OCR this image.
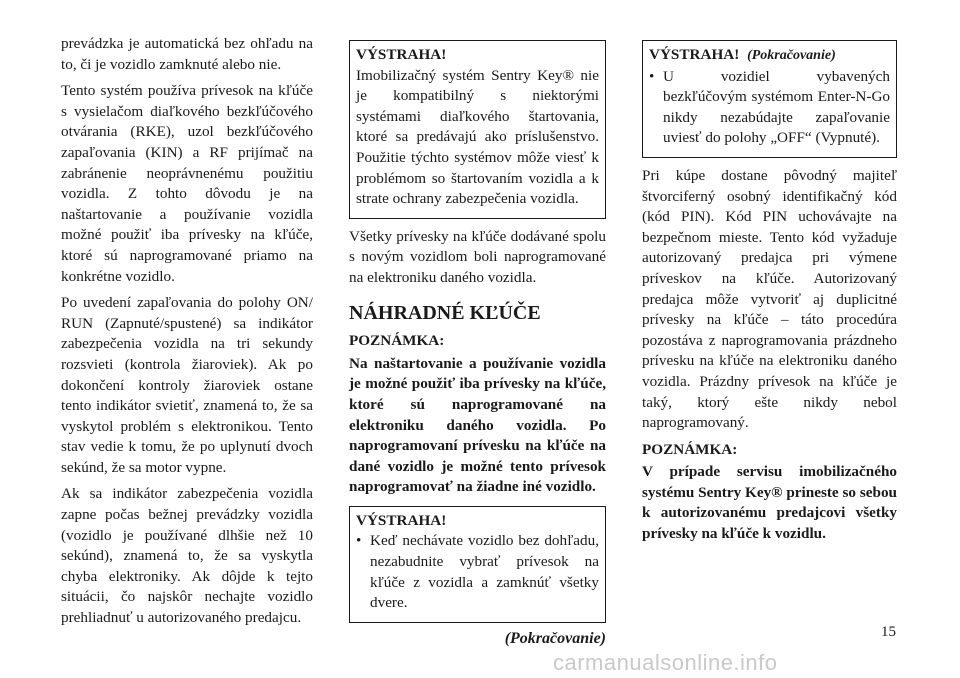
prevádzka je automatická bez ohľadu na to, či je vozidlo zamknuté alebo nie.

Tento systém používa prívesok na kľúče s vysielačom diaľkového bezkľúčového otvárania (RKE), uzol bezkľúčového zapaľovania (KIN) a RF prijímač na zabránenie neoprávnenému použitiu vozidla. Z tohto dôvodu je na naštartovanie a používanie vozidla možné použiť iba prívesky na kľúče, ktoré sú naprogramované priamo na konkrétne vozidlo.

Po uvedení zapaľovania do polohy ON/ RUN (Zapnuté/spustené) sa indikátor zabezpečenia vozidla na tri sekundy rozsvieti (kontrola žiaroviek). Ak po dokončení kontroly žiaroviek ostane tento indikátor svietiť, znamená to, že sa vyskytol problém s elektronikou. Tento stav vedie k tomu, že po uplynutí dvoch sekúnd, že sa motor vypne.

Ak sa indikátor zabezpečenia vozidla zapne počas bežnej prevádzky vozidla (vozidlo je používané dlhšie než 10 sekúnd), znamená to, že sa vyskytla chyba elektroniky. Ak dôjde k tejto situácii, čo najskôr nechajte vozidlo prehliadnuť u autorizovaného predajcu.

VÝSTRAHA!
Imobilizačný systém Sentry Key® nie je kompatibilný s niektorými systémami diaľkového štartovania, ktoré sa predávajú ako príslušenstvo. Použitie týchto systémov môže viesť k problémom so štartovaním vozidla a k strate ochrany zabezpečenia vozidla.

Všetky prívesky na kľúče dodávané spolu s novým vozidlom boli naprogramované na elektroniku daného vozidla.

NÁHRADNÉ KĽÚČE
POZNÁMKA:
Na naštartovanie a používanie vozidla je možné použiť iba prívesky na kľúče, ktoré sú naprogramované na elektroniku daného vozidla. Po naprogramovaní prívesku na kľúče na dané vozidlo je možné tento prívesok naprogramovať na žiadne iné vozidlo.
VÝSTRAHA!
• Keď nechávate vozidlo bez dohľadu, nezabudnite vybrať prívesok na kľúče z vozidla a zamknúť všetky dvere.
(Pokračovanie)
VÝSTRAHA! (Pokračovanie)
• U vozidiel vybavených bezkľúčovým systémom Enter-N-Go nikdy nezabúdajte zapaľovanie uviesť do polohy „OFF“ (Vypnuté).

Pri kúpe dostane pôvodný majiteľ štvorciferný osobný identifikačný kód (kód PIN). Kód PIN uchovávajte na bezpečnom mieste. Tento kód vyžaduje autorizovaný predajca pri výmene príveskov na kľúče. Autorizovaný predajca môže vytvoriť aj duplicitné prívesky na kľúče – táto procedúra pozostáva z naprogramovania prázdneho prívesku na kľúče na elektroniku daného vozidla. Prázdny prívesok na kľúče je taký, ktorý ešte nikdy nebol naprogramovaný.

POZNÁMKA:
V prípade servisu imobilizačného systému Sentry Key® prineste so sebou k autorizovanému predajcovi všetky prívesky na kľúče k vozidlu.
15
carmanualsonline.info
